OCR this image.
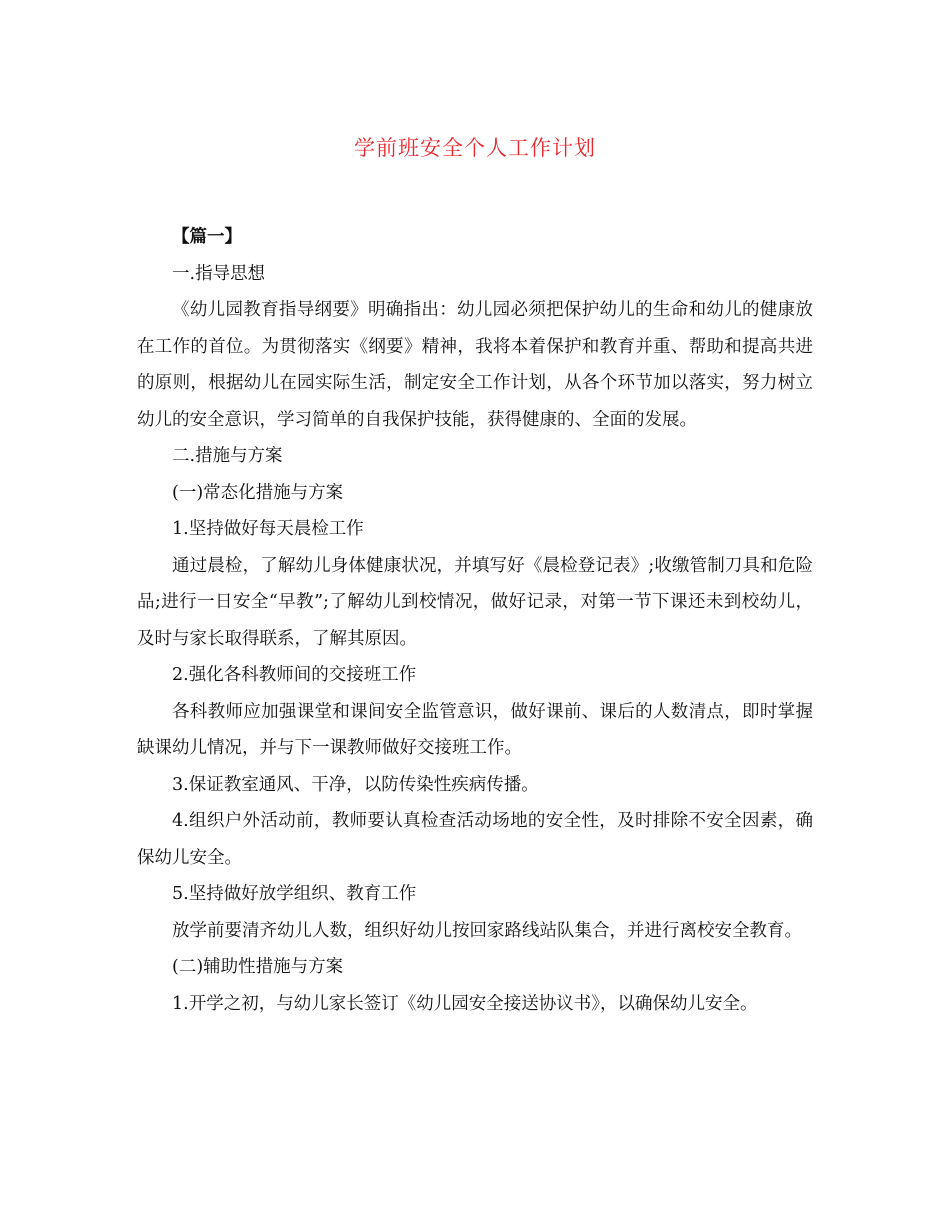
学前班安全个人工作计划

【篇一】

一.指导思想

《幼儿园教育指导纲要》明确指出：幼儿园必须把保护幼儿的生命和幼儿的健康放在工作的首位。为贯彻落实《纲要》精神，我将本着保护和教育并重、帮助和提高共进的原则，根据幼儿在园实际生活，制定安全工作计划，从各个环节加以落实，努力树立幼儿的安全意识，学习简单的自我保护技能，获得健康的、全面的发展。

二.措施与方案

(一)常态化措施与方案

1.坚持做好每天晨检工作

通过晨检，了解幼儿身体健康状况，并填写好《晨检登记表》;收缴管制刀具和危险品;进行一日安全“早教”;了解幼儿到校情况，做好记录，对第一节下课还未到校幼儿，及时与家长取得联系，了解其原因。

2.强化各科教师间的交接班工作

各科教师应加强课堂和课间安全监管意识，做好课前、课后的人数清点，即时掌握缺课幼儿情况，并与下一课教师做好交接班工作。

3.保证教室通风、干净，以防传染性疾病传播。

4.组织户外活动前，教师要认真检查活动场地的安全性，及时排除不安全因素，确保幼儿安全。

5.坚持做好放学组织、教育工作

放学前要清齐幼儿人数，组织好幼儿按回家路线站队集合，并进行离校安全教育。

(二)辅助性措施与方案

1.开学之初，与幼儿家长签订《幼儿园安全接送协议书》，以确保幼儿安全。
